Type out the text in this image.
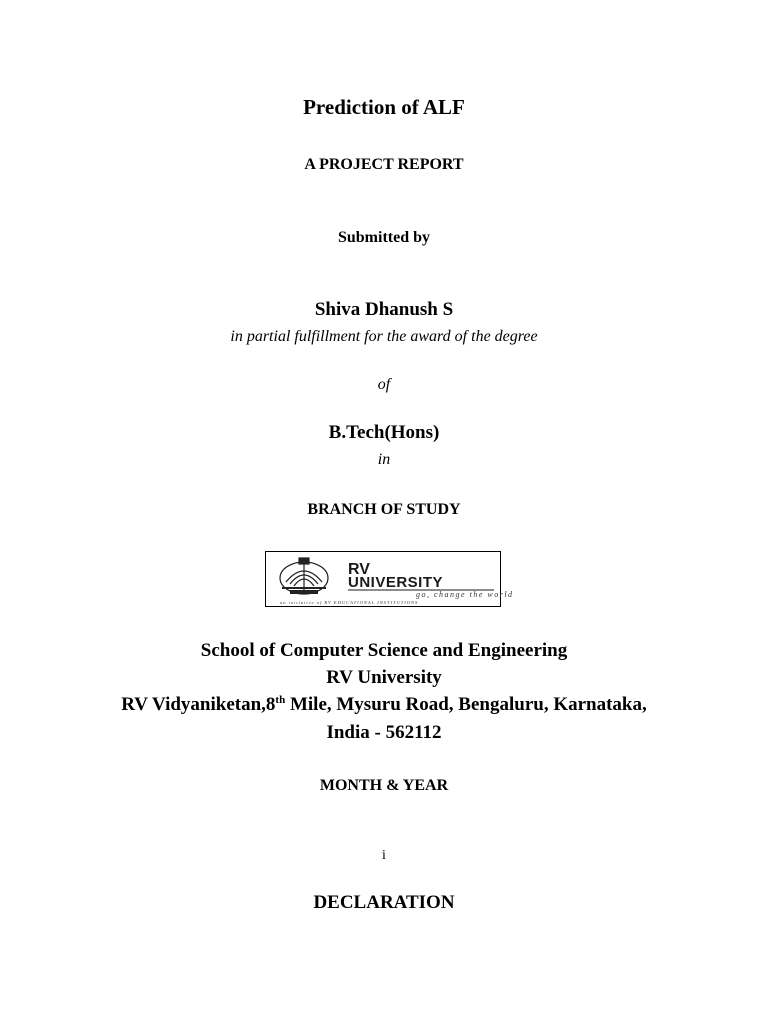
Prediction of ALF
A PROJECT REPORT
Submitted by
Shiva Dhanush S
in partial fulfillment for the award of the degree
of
B.Tech(Hons)
in
BRANCH OF STUDY
RV
UNIVERSITY
go, change the world
an initiative of RV EDUCATIONAL INSTITUTIONS
School of Computer Science and Engineering
RV University
RV Vidyaniketan,8th Mile, Mysuru Road, Bengaluru, Karnataka,
India - 562112
MONTH & YEAR
i
DECLARATION
